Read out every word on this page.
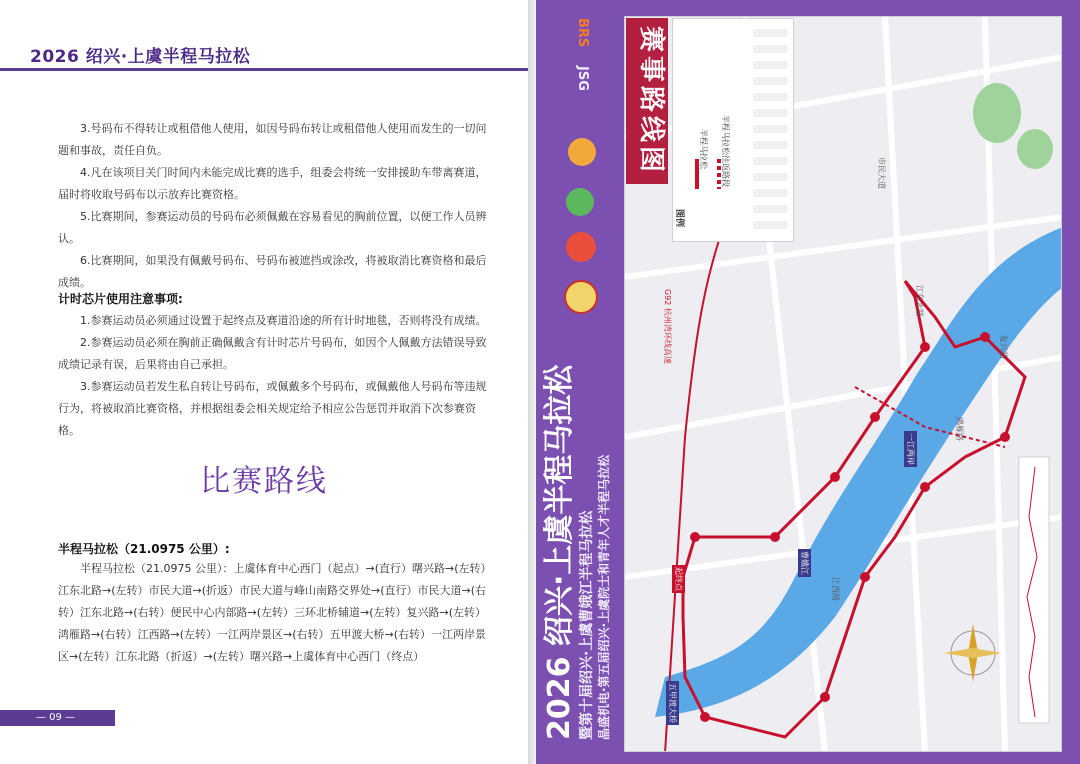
2026 绍兴·上虞半程马拉松
3.号码布不得转让或租借他人使用，如因号码布转让或租借他人使用而发生的一切问题和事故，责任自负。
4.凡在该项目关门时间内未能完成比赛的选手，组委会将统一安排援助车带离赛道，届时将收取号码布以示放弃比赛资格。
5.比赛期间，参赛运动员的号码布必须佩戴在容易看见的胸前位置，以便工作人员辨认。
6.比赛期间，如果没有佩戴号码布、号码布被遮挡或涂改，将被取消比赛资格和最后成绩。
计时芯片使用注意事项:
1.参赛运动员必须通过设置于起终点及赛道沿途的所有计时地毯，否则将没有成绩。
2.参赛运动员必须在胸前正确佩戴含有计时芯片号码布，如因个人佩戴方法错误导致成绩记录有误，后果将由自己承担。
3.参赛运动员若发生私自转让号码布，或佩戴多个号码布，或佩戴他人号码布等违规行为，将被取消比赛资格，并根据组委会相关规定给予相应公告惩罚并取消下次参赛资格。
比赛路线
半程马拉松（21.0975 公里）:
半程马拉松（21.0975 公里）：上虞体育中心西门（起点）→(直行）曙兴路→(左转）江东北路→(左转）市民大道→(折返）市民大道与峰山南路交界处→(直行）市民大道→(右转）江东北路→(右转）便民中心内部路→(左转）三环北桥辅道→(左转）复兴路→(左转）鸿雁路→(右转）江西路→(左转）一江两岸景区→(右转）五甲渡大桥→(右转）一江两岸景区→(左转）江东北路（折返）→(左转）曙兴路→上虞体育中心西门（终点）
— 09 —	2026 绍兴·上虞半程马拉松 暨第十届绍兴·上虞曹娥江半程马拉松 晶盛机电·第五届绍兴·上虞院士和青年人才半程马拉松
JSG
BRS
市民大道
江东北路
江西路
复兴路
鸿雁路
G92 杭州湾环线高速
起终点
一江两岸
曹娥江
五甲渡大桥
赛事路线图
图例
半程马拉松 半程马拉松往返路段
